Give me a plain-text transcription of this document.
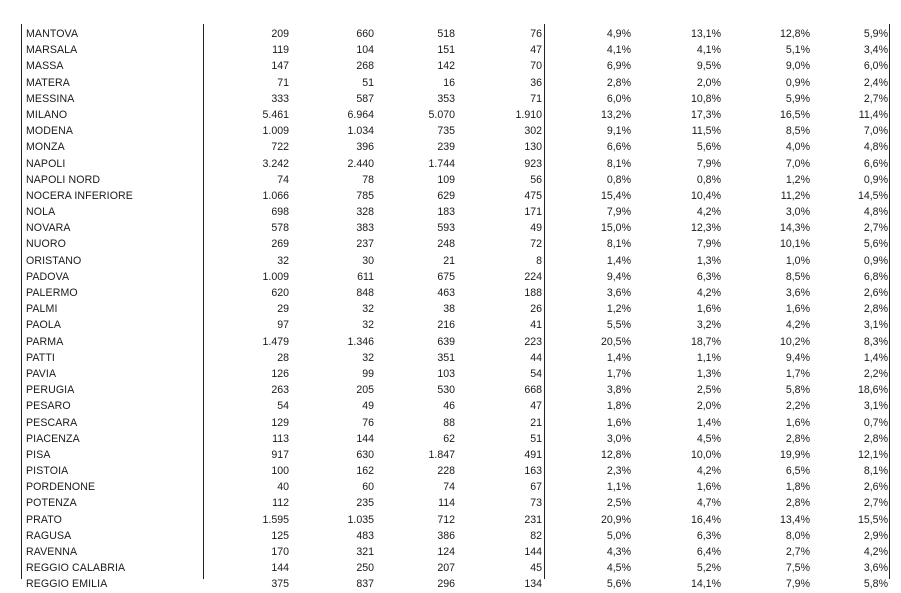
MANTOVA	209	660	518	76	4,9%	13,1%	12,8%	5,9%
MARSALA	119	104	151	47	4,1%	4,1%	5,1%	3,4%
MASSA	147	268	142	70	6,9%	9,5%	9,0%	6,0%
MATERA	71	51	16	36	2,8%	2,0%	0,9%	2,4%
MESSINA	333	587	353	71	6,0%	10,8%	5,9%	2,7%
MILANO	5.461	6.964	5.070	1.910	13,2%	17,3%	16,5%	11,4%
MODENA	1.009	1.034	735	302	9,1%	11,5%	8,5%	7,0%
MONZA	722	396	239	130	6,6%	5,6%	4,0%	4,8%
NAPOLI	3.242	2.440	1.744	923	8,1%	7,9%	7,0%	6,6%
NAPOLI NORD	74	78	109	56	0,8%	0,8%	1,2%	0,9%
NOCERA INFERIORE	1.066	785	629	475	15,4%	10,4%	11,2%	14,5%
NOLA	698	328	183	171	7,9%	4,2%	3,0%	4,8%
NOVARA	578	383	593	49	15,0%	12,3%	14,3%	2,7%
NUORO	269	237	248	72	8,1%	7,9%	10,1%	5,6%
ORISTANO	32	30	21	8	1,4%	1,3%	1,0%	0,9%
PADOVA	1.009	611	675	224	9,4%	6,3%	8,5%	6,8%
PALERMO	620	848	463	188	3,6%	4,2%	3,6%	2,6%
PALMI	29	32	38	26	1,2%	1,6%	1,6%	2,8%
PAOLA	97	32	216	41	5,5%	3,2%	4,2%	3,1%
PARMA	1.479	1.346	639	223	20,5%	18,7%	10,2%	8,3%
PATTI	28	32	351	44	1,4%	1,1%	9,4%	1,4%
PAVIA	126	99	103	54	1,7%	1,3%	1,7%	2,2%
PERUGIA	263	205	530	668	3,8%	2,5%	5,8%	18,6%
PESARO	54	49	46	47	1,8%	2,0%	2,2%	3,1%
PESCARA	129	76	88	21	1,6%	1,4%	1,6%	0,7%
PIACENZA	113	144	62	51	3,0%	4,5%	2,8%	2,8%
PISA	917	630	1.847	491	12,8%	10,0%	19,9%	12,1%
PISTOIA	100	162	228	163	2,3%	4,2%	6,5%	8,1%
PORDENONE	40	60	74	67	1,1%	1,6%	1,8%	2,6%
POTENZA	112	235	114	73	2,5%	4,7%	2,8%	2,7%
PRATO	1.595	1.035	712	231	20,9%	16,4%	13,4%	15,5%
RAGUSA	125	483	386	82	5,0%	6,3%	8,0%	2,9%
RAVENNA	170	321	124	144	4,3%	6,4%	2,7%	4,2%
REGGIO CALABRIA	144	250	207	45	4,5%	5,2%	7,5%	3,6%
REGGIO EMILIA	375	837	296	134	5,6%	14,1%	7,9%	5,8%
